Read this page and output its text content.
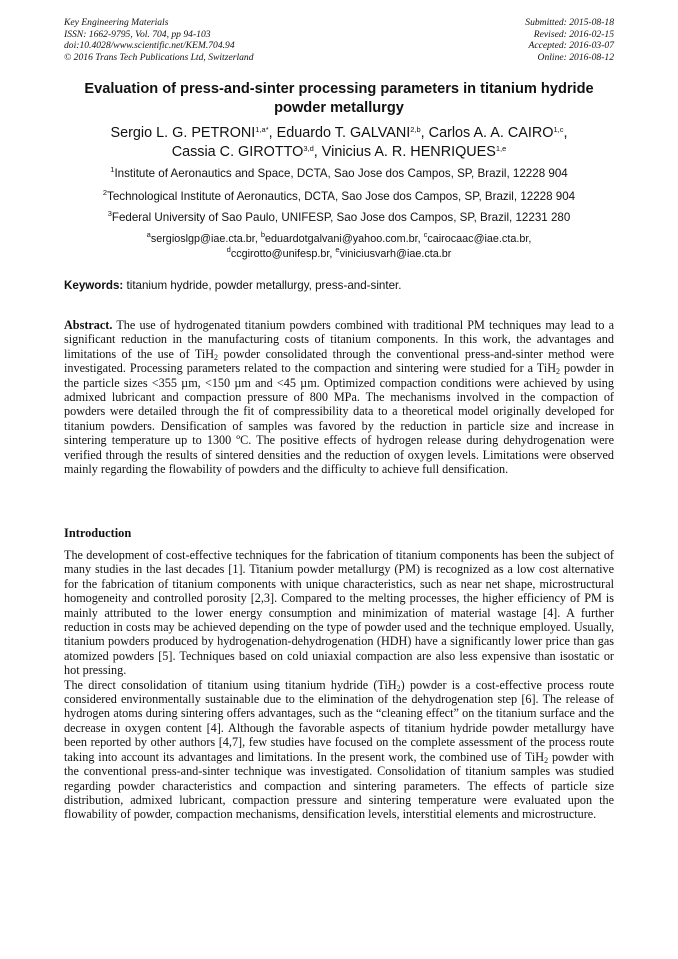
Key Engineering Materials
ISSN: 1662-9795, Vol. 704, pp 94-103
doi:10.4028/www.scientific.net/KEM.704.94
© 2016 Trans Tech Publications Ltd, Switzerland
Submitted: 2015-08-18
Revised: 2016-02-15
Accepted: 2016-03-07
Online: 2016-08-12
Evaluation of press-and-sinter processing parameters in titanium hydride powder metallurgy
Sergio L. G. $PETRONI^{1,a*}$, Eduardo T. GALVANI$^{2,b}$, Carlos A. A. CAIRO$^{1,c}$,
Cassia C. GIROTTO$^{3,d}$, Vinicius A. R. HENRIQUES$^{1,e}$
$^1$Institute of Aeronautics and Space, DCTA, Sao Jose dos Campos, SP, Brazil, 12228 904
$^2$Technological Institute of Aeronautics, DCTA, Sao Jose dos Campos, SP, Brazil, 12228 904
$^3$Federal University of Sao Paulo, UNIFESP, Sao Jose dos Campos, SP, Brazil, 12231 280
$^a$sergioslgp@iae.cta.br, $^b$eduardotgalvani@yahoo.com.br, $^c$cairocaac@iae.cta.br,
$^d$ccgirotto@unifesp.br, $^e$viniciusvarh@iae.cta.br
Keywords: titanium hydride, powder metallurgy, press-and-sinter.

Abstract. The use of hydrogenated titanium powders combined with traditional PM techniques may lead to a significant reduction in the manufacturing costs of titanium components. In this work, the advantages and limitations of the use of TiH$_2$ powder consolidated through the conventional press-and-sinter method were investigated. Processing parameters related to the compaction and sintering were studied for a TiH$_2$ powder in the particle sizes <355 µm, <150 µm and <45 µm. Optimized compaction conditions were achieved by using admixed lubricant and compaction pressure of 800 MPa. The mechanisms involved in the compaction of powders were detailed through the fit of compressibility data to a theoretical model originally developed for titanium powders. Densification of samples was favored by the reduction in particle size and increase in sintering temperature up to 1300 ºC. The positive effects of hydrogen release during dehydrogenation were verified through the results of sintered densities and the reduction of oxygen levels. Limitations were observed mainly regarding the flowability of powders and the difficulty to achieve full densification.

Introduction

The development of cost-effective techniques for the fabrication of titanium components has been the subject of many studies in the last decades [1]. Titanium powder metallurgy (PM) is recognized as a low cost alternative for the fabrication of titanium components with unique characteristics, such as near net shape, microstructural homogeneity and controlled porosity [2,3]. Compared to the melting processes, the higher efficiency of PM is mainly attributed to the lower energy consumption and minimization of material wastage [4]. A further reduction in costs may be achieved depending on the type of powder used and the technique employed. Usually, titanium powders produced by hydrogenation-dehydrogenation (HDH) have a significantly lower price than gas atomized powders [5]. Techniques based on cold uniaxial compaction are also less expensive than isostatic or hot pressing.

The direct consolidation of titanium using titanium hydride (TiH$_2$) powder is a cost-effective process route considered environmentally sustainable due to the elimination of the dehydrogenation step [6]. The release of hydrogen atoms during sintering offers advantages, such as the “cleaning effect” on the titanium surface and the decrease in oxygen content [4]. Although the favorable aspects of titanium hydride powder metallurgy have been reported by other authors [4,7], few studies have focused on the complete assessment of the process route taking into account its advantages and limitations. In the present work, the combined use of TiH$_2$ powder with the conventional press-and-sinter technique was investigated. Consolidation of titanium samples was studied regarding powder characteristics and compaction and sintering parameters. The effects of particle size distribution, admixed lubricant, compaction pressure and sintering temperature were evaluated upon the flowability of powder, compaction mechanisms, densification levels, interstitial elements and microstructure.
